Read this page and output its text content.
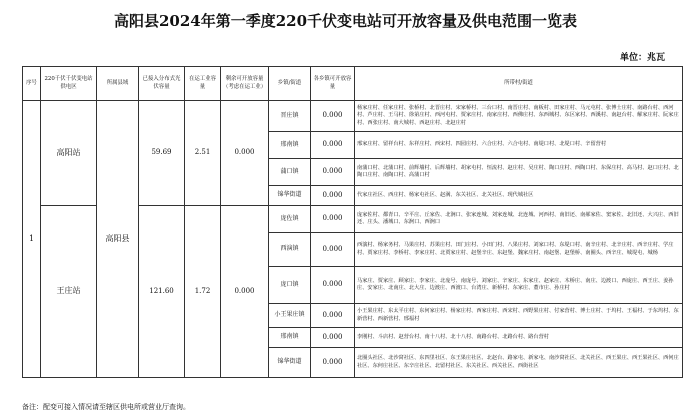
高阳县2024年第一季度220千伏变电站可开放容量及供电范围一览表
单位：兆瓦
序号	220千伏千伏变电站供电区	所属县域	已接入分布式光伏容量	在运工业容量	剩余可开放容量（考虑在运工业）	乡镇/街道	各乡镇可开放容量	所带村/街道
1	高阳站	高阳县	59.69	2.51	0.000	晋庄镇	0.000	杨家庄村、任家庄村、张桥村、北晋庄村、宋家桥村、三台口村、南晋庄村、南板村、田家庄村、马元屯村、张博士庄村、南路台村、西河村、芦庄村、王马村、徐第庄村、西河屯村、贾家庄村、南家庄村、西佛庄村、东西城村、东区家村、西溪村、南赵台村、解家庄村、阮家庄村、西张庄村、南大城村、西赵庄村、北赵庄村
						邢南镇	0.000	邢家庄村、留祥台村、东祥庄村、西宋村、四园庄村、六合庄村、六合屯村、南堤口村、北堤口村、辛留营村
						蒲口镇	0.000	南蒲口村、北蒲口村、前辉墙村、后辉墙村、胡家屯村、恒流村、赵庄村、吴庄村、陶口庄村、西陶口村、东保庄村、高马村、赵口庄村、北陶口庄村、南陶口村、高蒲口村
						锦华街道	0.000	代家庄社区、西庄村、杨家屯社区、赵满、东关社区、北关社区、现代城社区
	王庄站		121.60	1.72	0.000	庞佐镇	0.000	庞家佐村、都青口、辛平庄、丘家佐、北涧口、张家连城、刘家连城、北连城、河西村、南旧还、南郝家佐、窦家佐、北旧还、大兴庄、西旧还、庄头、潘城口、东涧口、西涧口
						西演镇	0.000	西演村、杨家务村、马果庄村、苏果庄村、田门庄村、小田门村、八果庄村、刘家口村、东堤口村、南辛庄村、北辛庄村、西辛庄村、学庄村、贾家庄村、李桥村、李家庄村、北贾家庄村、赵堡辛庄、东赵堡、魏家庄村、南赵堡、赵堡桥、南圈头、西辛庄、城堤屯、城杨
						庞口镇	0.000	马家庄、贾家庄、顾家庄、李家庄、北庞号、南庞号、刘家庄、辛家庄、东家庄、赵家庄、木桥庄、南庄、边渡口、西庞庄、西王庄、姜孙庄、安家庄、北南庄、北大庄、边渡庄、西渡口、台湾庄、新桥村、东家庄、董市庄、孙庄村
						小王果庄镇	0.000	小王果庄村、东太平庄村、东何家庄村、杨家庄村、西家庄村、西宋村、西野果庄村、付家营村、博士庄村、于坞村、王福村、于东坞村、东新营村、西新营村、邢福村
						邢南镇	0.000	李刚村、斗店村、赵营台村、南十八村、北十八村、南路台村、北路台村、路台营村
						锦华街道	0.000	北圈头社区、北沙窝社区、东四里社区、东王果庄社区、北赵台、路家屯、新家屯、南沙窝社区、北关社区、西王果庄、西王果社区、西何庄社区、东何庄社区、东辛庄社区、北留村社区、东关社区、西关社区、西街社区
备注：配变可接入情况请至辖区供电所或营业厅查询。
